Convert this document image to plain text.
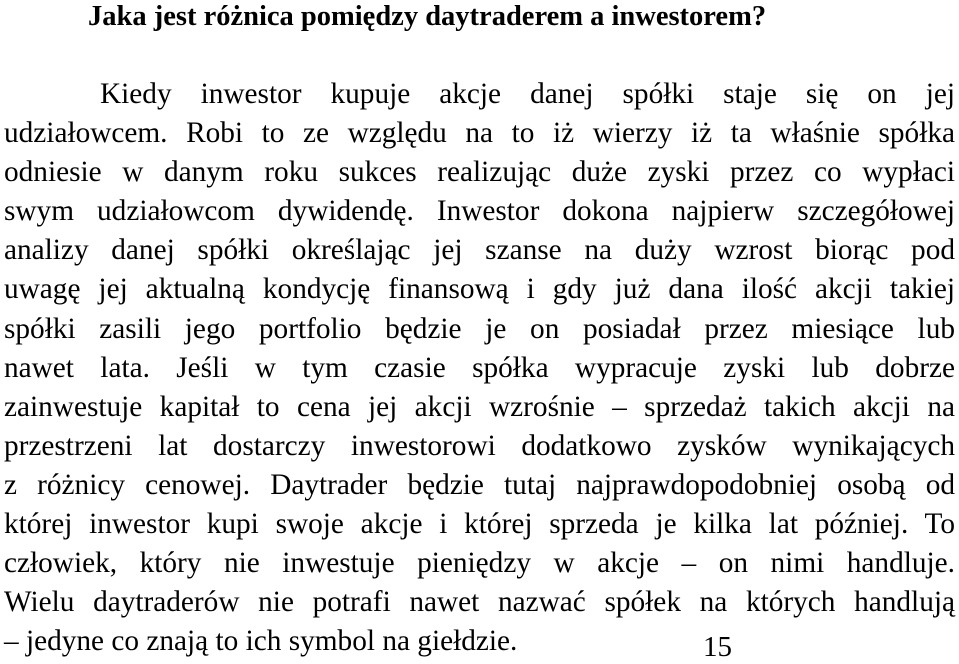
Jaka jest różnica pomiędzy daytraderem a inwestorem?
Kiedy inwestor kupuje akcje danej spółki staje się on jej
udziałowcem. Robi to ze względu na to iż wierzy iż ta właśnie spółka
odniesie w danym roku sukces realizując duże zyski przez co wypłaci
swym udziałowcom dywidendę. Inwestor dokona najpierw szczegółowej
analizy danej spółki określając jej szanse na duży wzrost biorąc pod
uwagę jej aktualną kondycję finansową i gdy już dana ilość akcji takiej
spółki zasili jego portfolio będzie je on posiadał przez miesiące lub
nawet lata. Jeśli w tym czasie spółka wypracuje zyski lub dobrze
zainwestuje kapitał to cena jej akcji wzrośnie – sprzedaż takich akcji na
przestrzeni lat dostarczy inwestorowi dodatkowo zysków wynikających
z różnicy cenowej. Daytrader będzie tutaj najprawdopodobniej osobą od
której inwestor kupi swoje akcje i której sprzeda je kilka lat później. To
człowiek, który nie inwestuje pieniędzy w akcje – on nimi handluje.
Wielu daytraderów nie potrafi nawet nazwać spółek na których handlują
– jedyne co znają to ich symbol na giełdzie.	15
